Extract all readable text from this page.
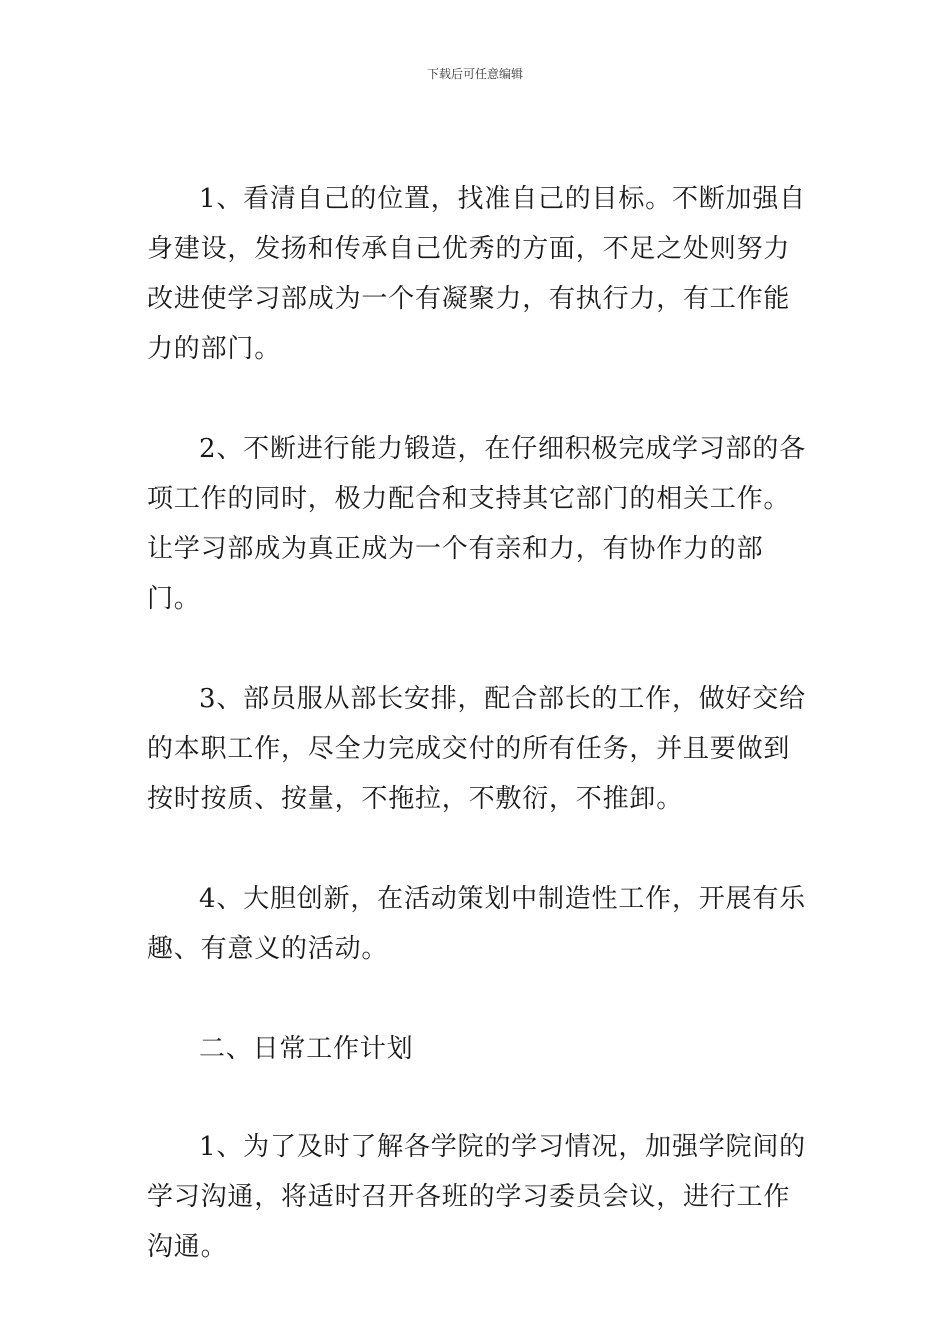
下载后可任意编辑

1、看清自己的位置，找准自己的目标。不断加强自身建设，发扬和传承自己优秀的方面，不足之处则努力改进使学习部成为一个有凝聚力，有执行力，有工作能力的部门。

2、不断进行能力锻造，在仔细积极完成学习部的各项工作的同时，极力配合和支持其它部门的相关工作。让学习部成为真正成为一个有亲和力，有协作力的部门。

3、部员服从部长安排，配合部长的工作，做好交给的本职工作，尽全力完成交付的所有任务，并且要做到按时按质、按量，不拖拉，不敷衍，不推卸。

4、大胆创新，在活动策划中制造性工作，开展有乐趣、有意义的活动。

二、日常工作计划

1、为了及时了解各学院的学习情况，加强学院间的学习沟通，将适时召开各班的学习委员会议，进行工作沟通。
